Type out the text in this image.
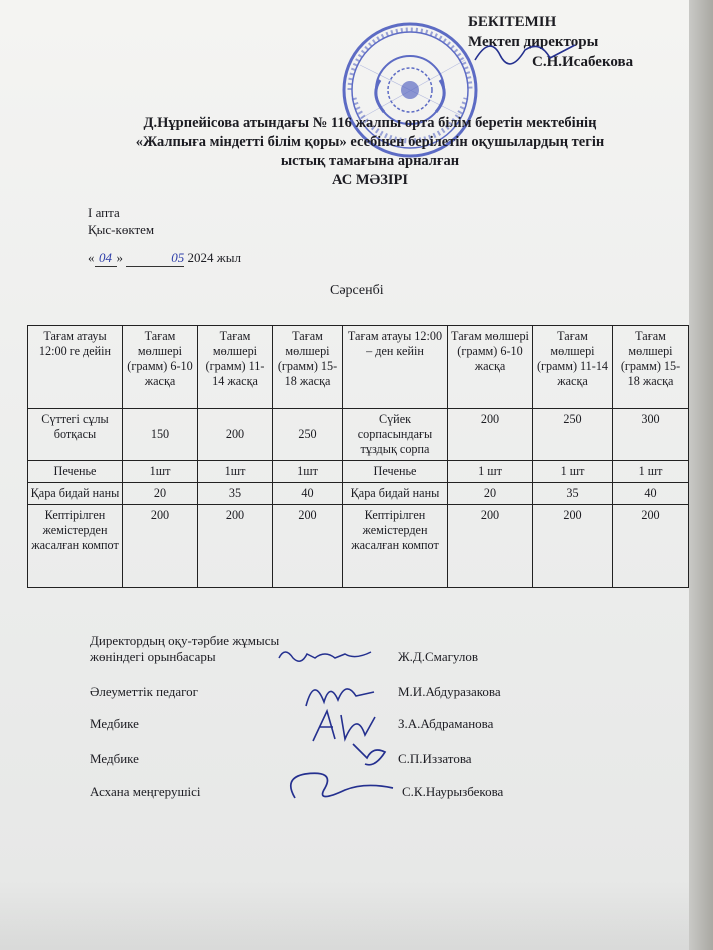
БЕКІТЕМІН
Мектеп директоры
С.Н.Исабекова
Д.Нұрпейісова атындағы № 116 жалпы орта білім беретін мектебінің
«Жалпыға міндетті білім қоры» есебінен берілетін оқушылардың тегін
ыстық тамағына арналған
АС МӘЗІРІ
І апта
Қыс-көктем
« 04 »	05 2024 жыл
Сәрсенбі
Тағам атауы 12:00 ге дейін	Тағам мөлшері (грамм) 6-10 жасқа	Тағам мөлшері (грамм) 11-14 жасқа	Тағам мөлшері (грамм) 15-18 жасқа	Тағам атауы 12:00 – ден кейін	Тағам мөлшері (грамм) 6-10 жасқа	Тағам мөлшері (грамм) 11-14 жасқа	Тағам мөлшері (грамм) 15-18 жасқа
Сүттегі сұлы ботқасы	150	200	250	Сүйек сорпасындағы тұздық сорпа	200	250	300
Печенье	1шт	1шт	1шт	Печенье	1 шт	1 шт	1 шт
Қара бидай наны	20	35	40	Қара бидай наны	20	35	40
Кептірілген жемістерден жасалған компот	200	200	200	Кептірілген жемістерден жасалған компот	200	200	200
Директордың оқу-тәрбие жұмысы
жөніндегі орынбасары	Ж.Д.Смагулов
Әлеуметтік педагог	М.И.Абдуразакова
Медбике	З.А.Абдраманова
Медбике	С.П.Иззатова
Асхана меңгерушісі	С.К.Наурызбекова
